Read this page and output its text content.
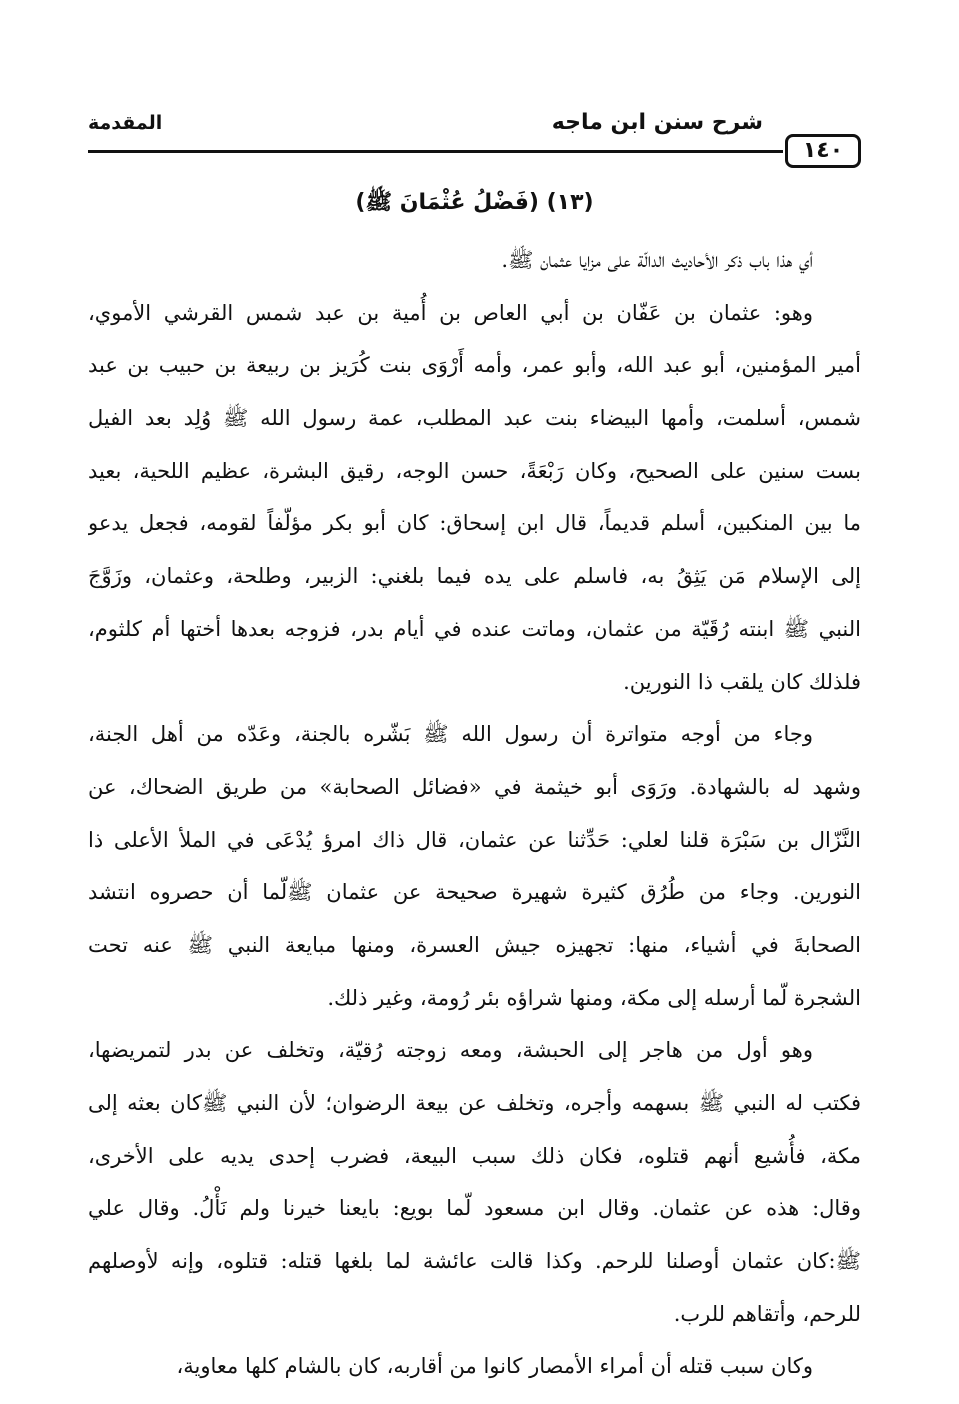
شرح سنن ابن ماجه
المقدمة
١٤٠
(١٣) (فَضْلُ عُثْمَانَ ﷺ)

أي هذا باب ذكر الأحاديث الدالّة على مزايا عثمان ﷺ.

وهو: عثمان بن عَفّان بن أبي العاص بن أُمية بن عبد شمس القرشي الأموي،
أمير المؤمنين، أبو عبد الله، وأبو عمر، وأمه أَرْوَى بنت كُرَيز بن ربيعة بن حبيب بن عبد
شمس، أسلمت، وأمها البيضاء بنت عبد المطلب، عمة رسول الله ﷺ وُلِد بعد الفيل
بست سنين على الصحيح، وكان رَبْعَةً، حسن الوجه، رقيق البشرة، عظيم اللحية، بعيد
ما بين المنكبين، أسلم قديماً، قال ابن إسحاق: كان أبو بكر مؤلّفاً لقومه، فجعل يدعو
إلى الإسلام مَن يَثِقُ به، فاسلم على يده فيما بلغني: الزبير، وطلحة، وعثمان، وزَوَّجَ
النبي ﷺ ابنته رُقَيّة من عثمان، وماتت عنده في أيام بدر، فزوجه بعدها أختها أم كلثوم،
فلذلك كان يلقب ذا النورين.

وجاء من أوجه متواترة أن رسول الله ﷺ بَشّره بالجنة، وعَدّه من أهل الجنة،
وشهد له بالشهادة. ورَوَى أبو خيثمة في «فضائل الصحابة» من طريق الضحاك، عن
النَّزّال بن سَبْرَة قلنا لعلي: حَدِّثنا عن عثمان، قال ذاك امرؤ يُدْعَى في الملأ الأعلى ذا
النورين. وجاء من طُرُق كثيرة شهيرة صحيحة عن عثمان ﷺلّما أن حصروه انتشد
الصحابةَ في أشياء، منها: تجهيزه جيش العسرة، ومنها مبايعة النبي ﷺ عنه تحت
الشجرة لّما أرسله إلى مكة، ومنها شراؤه بئر رُومة، وغير ذلك.

وهو أول من هاجر إلى الحبشة، ومعه زوجته رُقيّة، وتخلف عن بدر لتمريضها،
فكتب له النبي ﷺ بسهمه وأجره، وتخلف عن بيعة الرضوان؛ لأن النبي ﷺكان بعثه إلى
مكة، فأُشيع أنهم قتلوه، فكان ذلك سبب البيعة، فضرب إحدى يديه على الأخرى،
وقال: هذه عن عثمان. وقال ابن مسعود لّما بويع: بايعنا خيرنا ولم نَأْلُ. وقال علي
ﷺ:كان عثمان أوصلنا للرحم. وكذا قالت عائشة لما بلغها قتله: قتلوه، وإنه لأوصلهم
للرحم، وأتقاهم للرب.

وكان سبب قتله أن أمراء الأمصار كانوا من أقاربه، كان بالشام كلها معاوية،
